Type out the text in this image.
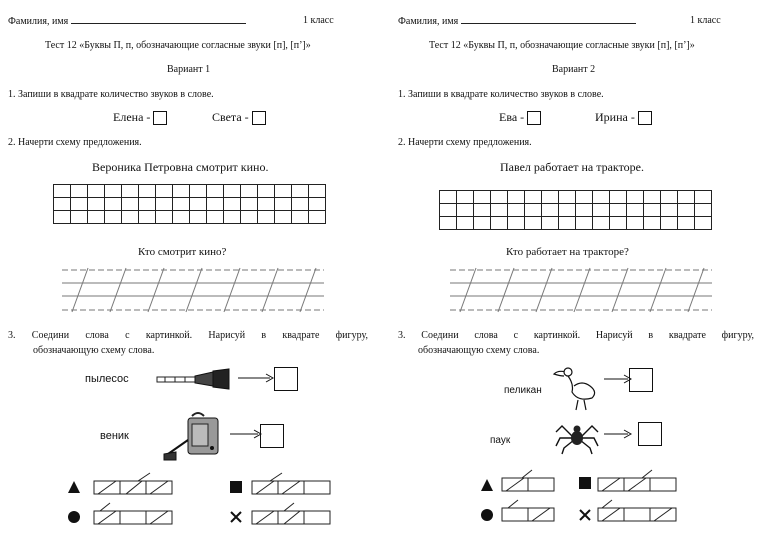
Фамилия, имя	1 класс
Тест 12 «Буквы П, п, обозначающие согласные звуки [п], [п’]»
Вариант 1
1. Запиши в квадрате количество звуков в слове.
Елена -	Света -
2. Начерти схему предложения.
Вероника Петровна смотрит кино.

Кто смотрит кино?
3. Соедини слова с картинкой. Нарисуй в квадрате фигуру,
обозначающую схему слова.
пылесос
веник
Фамилия, имя	1 класс
Тест 12 «Буквы П, п, обозначающие согласные звуки [п], [п’]»
Вариант 2
1. Запиши в квадрате количество звуков в слове.
Ева -	Ирина -
2. Начерти схему предложения.
Павел работает на тракторе.

Кто работает на тракторе?
3. Соедини слова с картинкой. Нарисуй в квадрате фигуру,
обозначающую схему слова.
пеликан
паук
